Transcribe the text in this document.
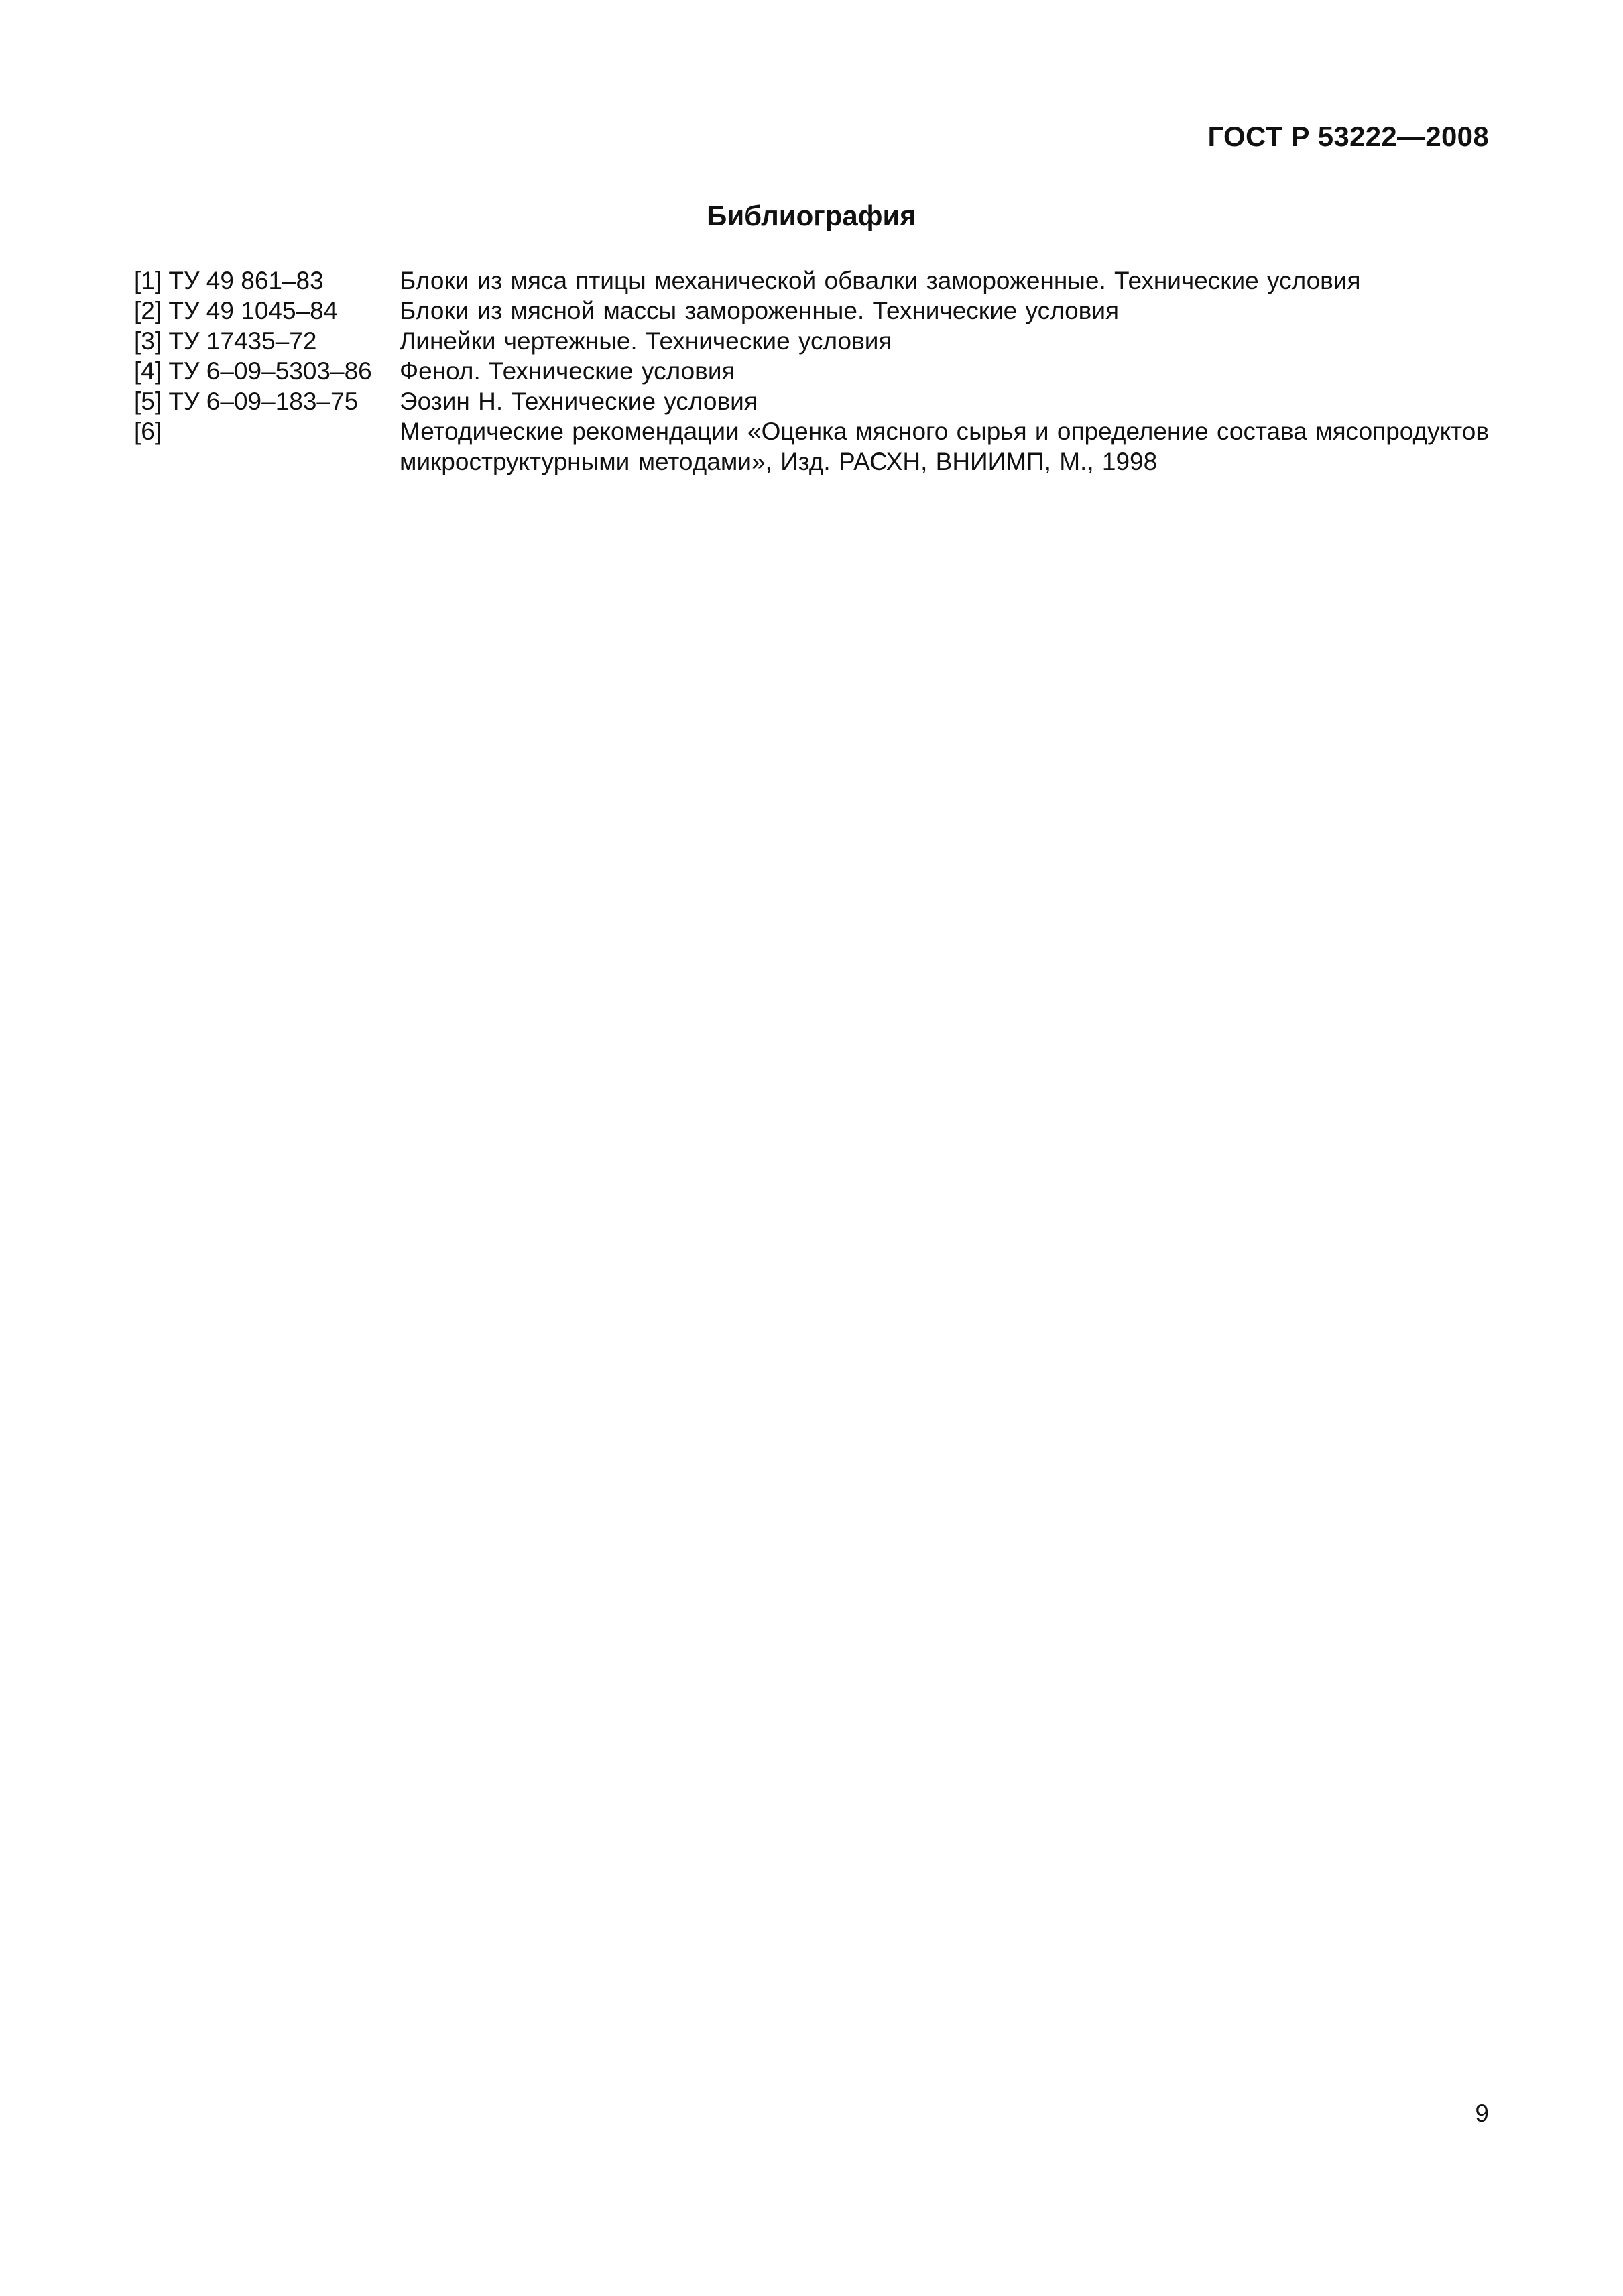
ГОСТ Р 53222—2008
Библиография
[1] ТУ 49 861–83	Блоки из мяса птицы механической обвалки замороженные. Технические условия
[2] ТУ 49 1045–84	Блоки из мясной массы замороженные. Технические условия
[3] ТУ 17435–72	Линейки чертежные. Технические условия
[4] ТУ 6–09–5303–86	Фенол. Технические условия
[5] ТУ 6–09–183–75	Эозин Н. Технические условия
[6]	Методические рекомендации «Оценка мясного сырья и определение состава мясопродуктов микроструктурными методами», Изд. РАСХН, ВНИИМП, М., 1998
9
